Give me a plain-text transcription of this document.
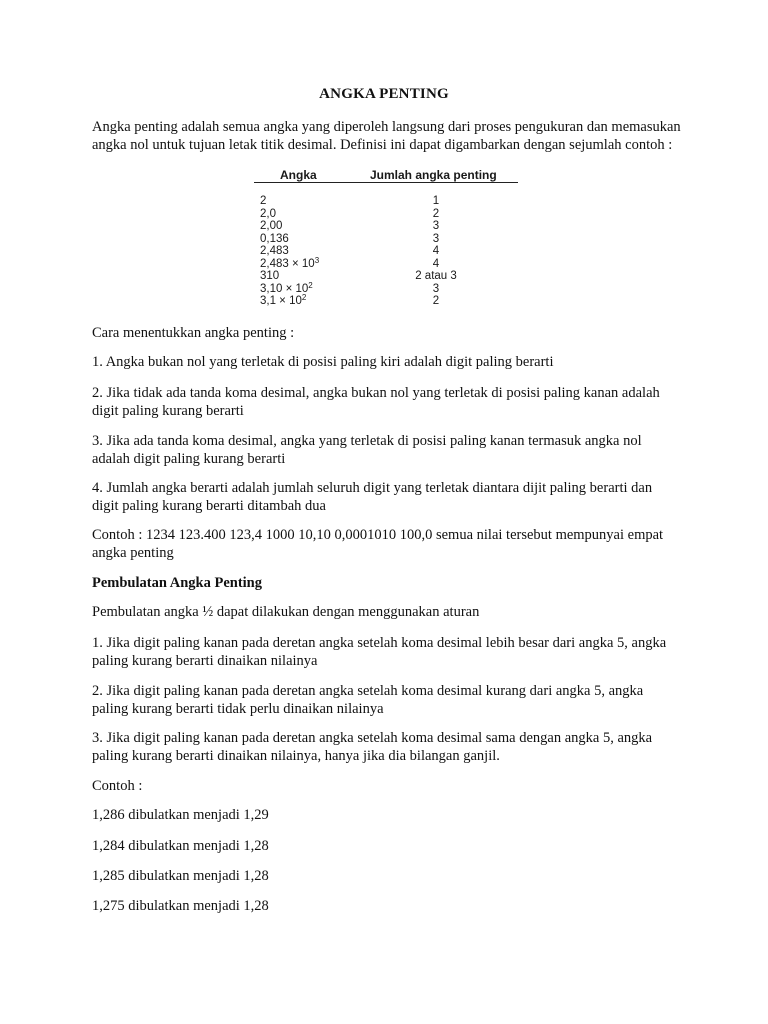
ANGKA PENTING
Angka penting adalah semua angka yang diperoleh langsung dari proses pengukuran dan memasukan angka nol untuk tujuan letak titik desimal. Definisi ini dapat digambarkan dengan sejumlah contoh :
Angka	Jumlah angka penting
2	1
2,0	2
2,00	3
0,136	3
2,483	4
$2,483 \times 10^3$	4
310	2 atau 3
$3,10 \times 10^2$	3
$3,1 \times 10^2$	2
Cara menentukkan angka penting :
1. Angka bukan nol yang terletak di posisi paling kiri adalah digit paling berarti
2. Jika tidak ada tanda koma desimal, angka bukan nol yang terletak di posisi paling kanan adalah digit paling kurang berarti
3. Jika ada tanda koma desimal, angka yang terletak di posisi paling kanan termasuk angka nol adalah digit paling kurang berarti
4. Jumlah angka berarti adalah jumlah seluruh digit yang terletak diantara dijit paling berarti dan digit paling kurang berarti ditambah dua
Contoh : 1234 123.400 123,4 1000 10,10 0,0001010 100,0 semua nilai tersebut mempunyai empat angka penting
Pembulatan Angka Penting
Pembulatan angka ½ dapat dilakukan dengan menggunakan aturan
1. Jika digit paling kanan pada deretan angka setelah koma desimal lebih besar dari angka 5, angka paling kurang berarti dinaikan nilainya
2. Jika digit paling kanan pada deretan angka setelah koma desimal kurang dari angka 5, angka paling kurang berarti tidak perlu dinaikan nilainya
3. Jika digit paling kanan pada deretan angka setelah koma desimal sama dengan angka 5, angka paling kurang berarti dinaikan nilainya, hanya jika dia bilangan ganjil.
Contoh :
1,286 dibulatkan menjadi 1,29
1,284 dibulatkan menjadi 1,28
1,285 dibulatkan menjadi 1,28
1,275 dibulatkan menjadi 1,28
